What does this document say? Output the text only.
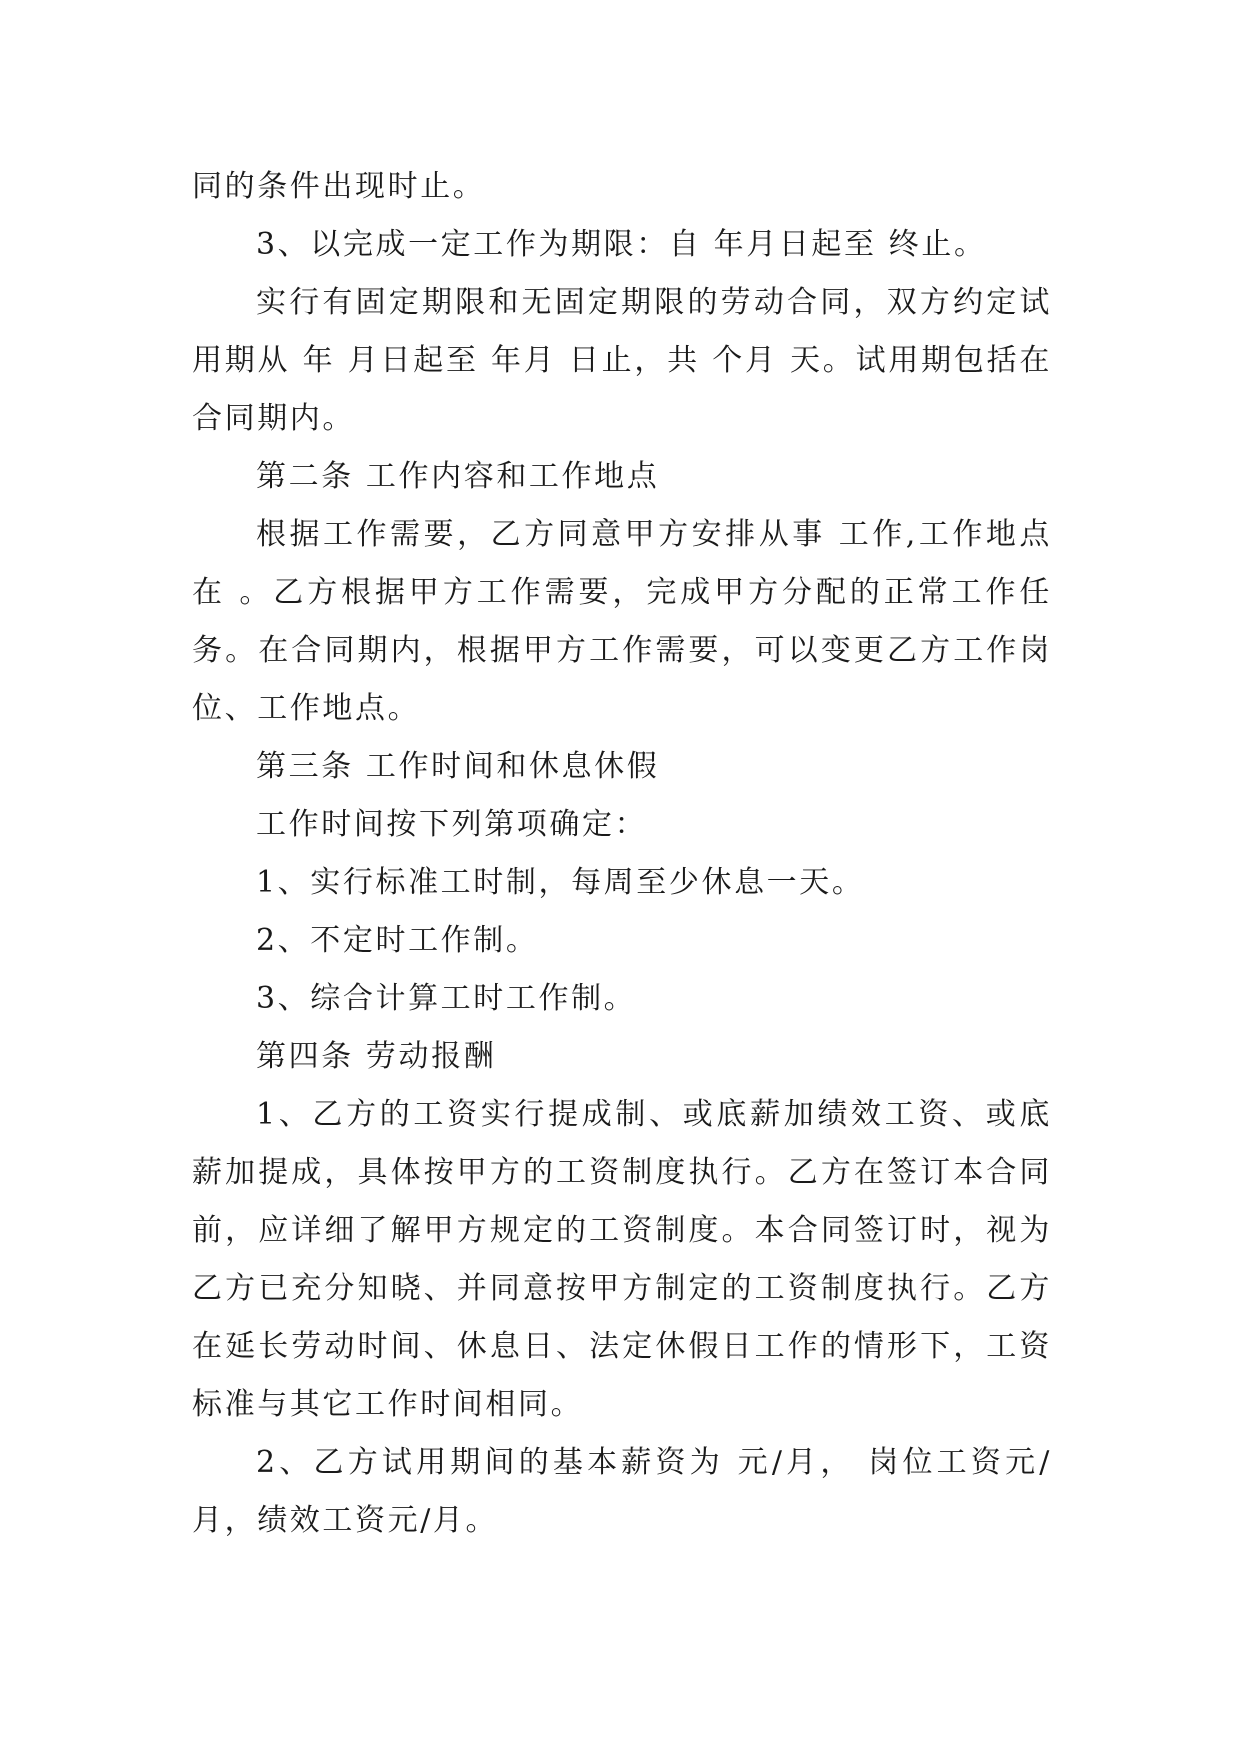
同的条件出现时止。

3、以完成一定工作为期限：自 年月日起至 终止。

实行有固定期限和无固定期限的劳动合同，双方约定试用期从 年 月日起至 年月 日止，共 个月 天。试用期包括在合同期内。

第二条 工作内容和工作地点

根据工作需要，乙方同意甲方安排从事 工作,工作地点在 。乙方根据甲方工作需要，完成甲方分配的正常工作任务。在合同期内，根据甲方工作需要，可以变更乙方工作岗位、工作地点。

第三条 工作时间和休息休假

工作时间按下列第项确定：

1、实行标准工时制，每周至少休息一天。

2、不定时工作制。

3、综合计算工时工作制。

第四条 劳动报酬

1、乙方的工资实行提成制、或底薪加绩效工资、或底薪加提成，具体按甲方的工资制度执行。乙方在签订本合同前，应详细了解甲方规定的工资制度。本合同签订时，视为乙方已充分知晓、并同意按甲方制定的工资制度执行。乙方在延长劳动时间、休息日、法定休假日工作的情形下，工资标准与其它工作时间相同。

2、乙方试用期间的基本薪资为 元/月， 岗位工资元/月，绩效工资元/月。
